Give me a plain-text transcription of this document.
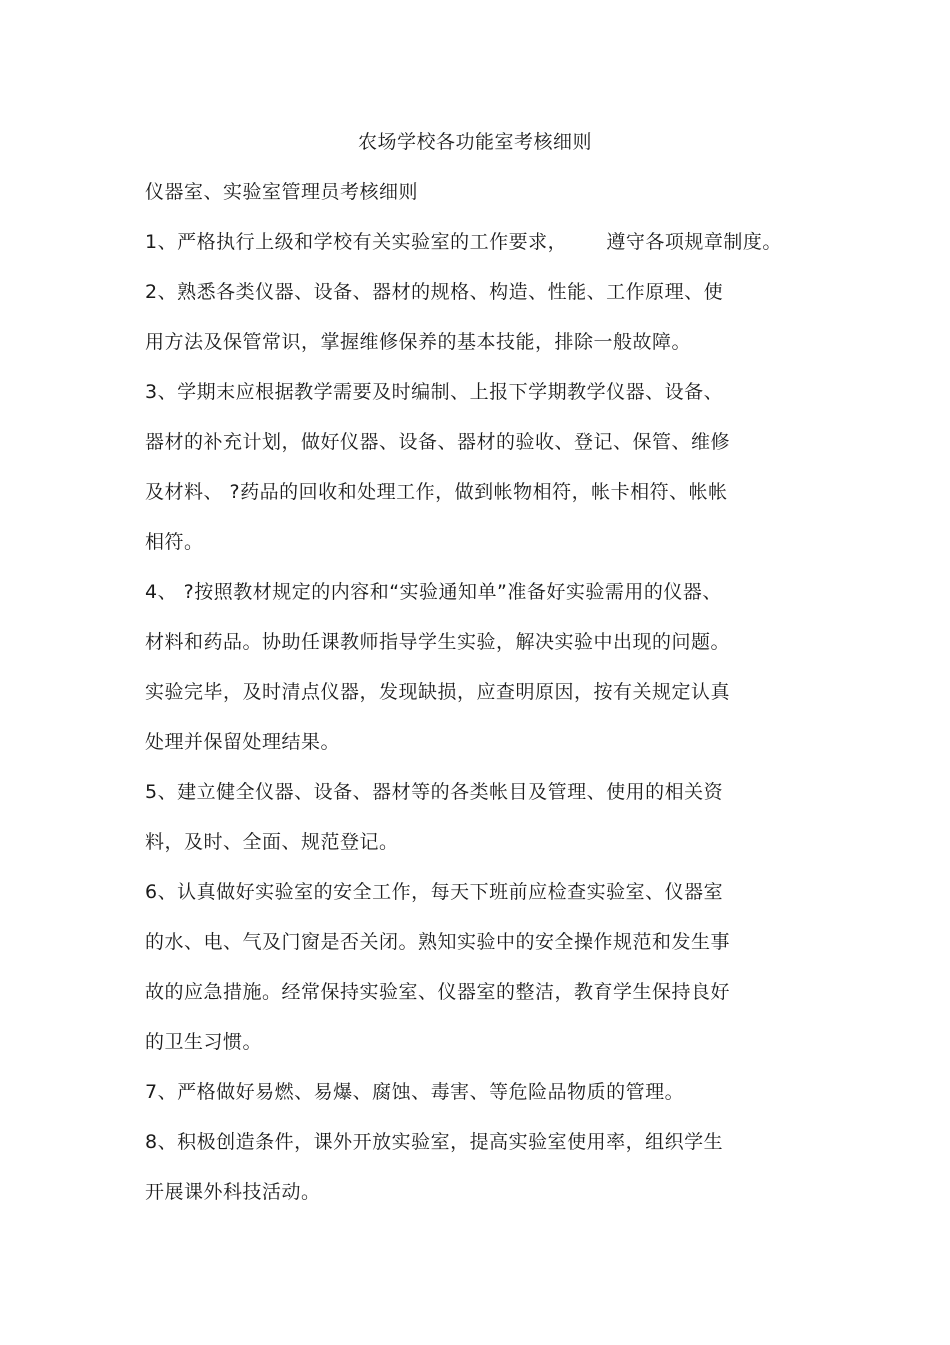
农场学校各功能室考核细则
仪器室、实验室管理员考核细则
1、严格执行上级和学校有关实验室的工作要求，      遵守各项规章制度。
2、熟悉各类仪器、设备、器材的规格、构造、性能、工作原理、使
用方法及保管常识，掌握维修保养的基本技能，排除一般故障。
3、学期末应根据教学需要及时编制、上报下学期教学仪器、设备、
器材的补充计划，做好仪器、设备、器材的验收、登记、保管、维修
及材料、 ?药品的回收和处理工作，做到帐物相符，帐卡相符、帐帐
相符。
4、 ?按照教材规定的内容和“实验通知单”准备好实验需用的仪器、
材料和药品。协助任课教师指导学生实验，解决实验中出现的问题。
实验完毕，及时清点仪器，发现缺损，应查明原因，按有关规定认真
处理并保留处理结果。
5、建立健全仪器、设备、器材等的各类帐目及管理、使用的相关资
料，及时、全面、规范登记。
6、认真做好实验室的安全工作，每天下班前应检查实验室、仪器室
的水、电、气及门窗是否关闭。熟知实验中的安全操作规范和发生事
故的应急措施。经常保持实验室、仪器室的整洁，教育学生保持良好
的卫生习惯。
7、严格做好易燃、易爆、腐蚀、毒害、等危险品物质的管理。
8、积极创造条件，课外开放实验室，提高实验室使用率，组织学生
开展课外科技活动。
